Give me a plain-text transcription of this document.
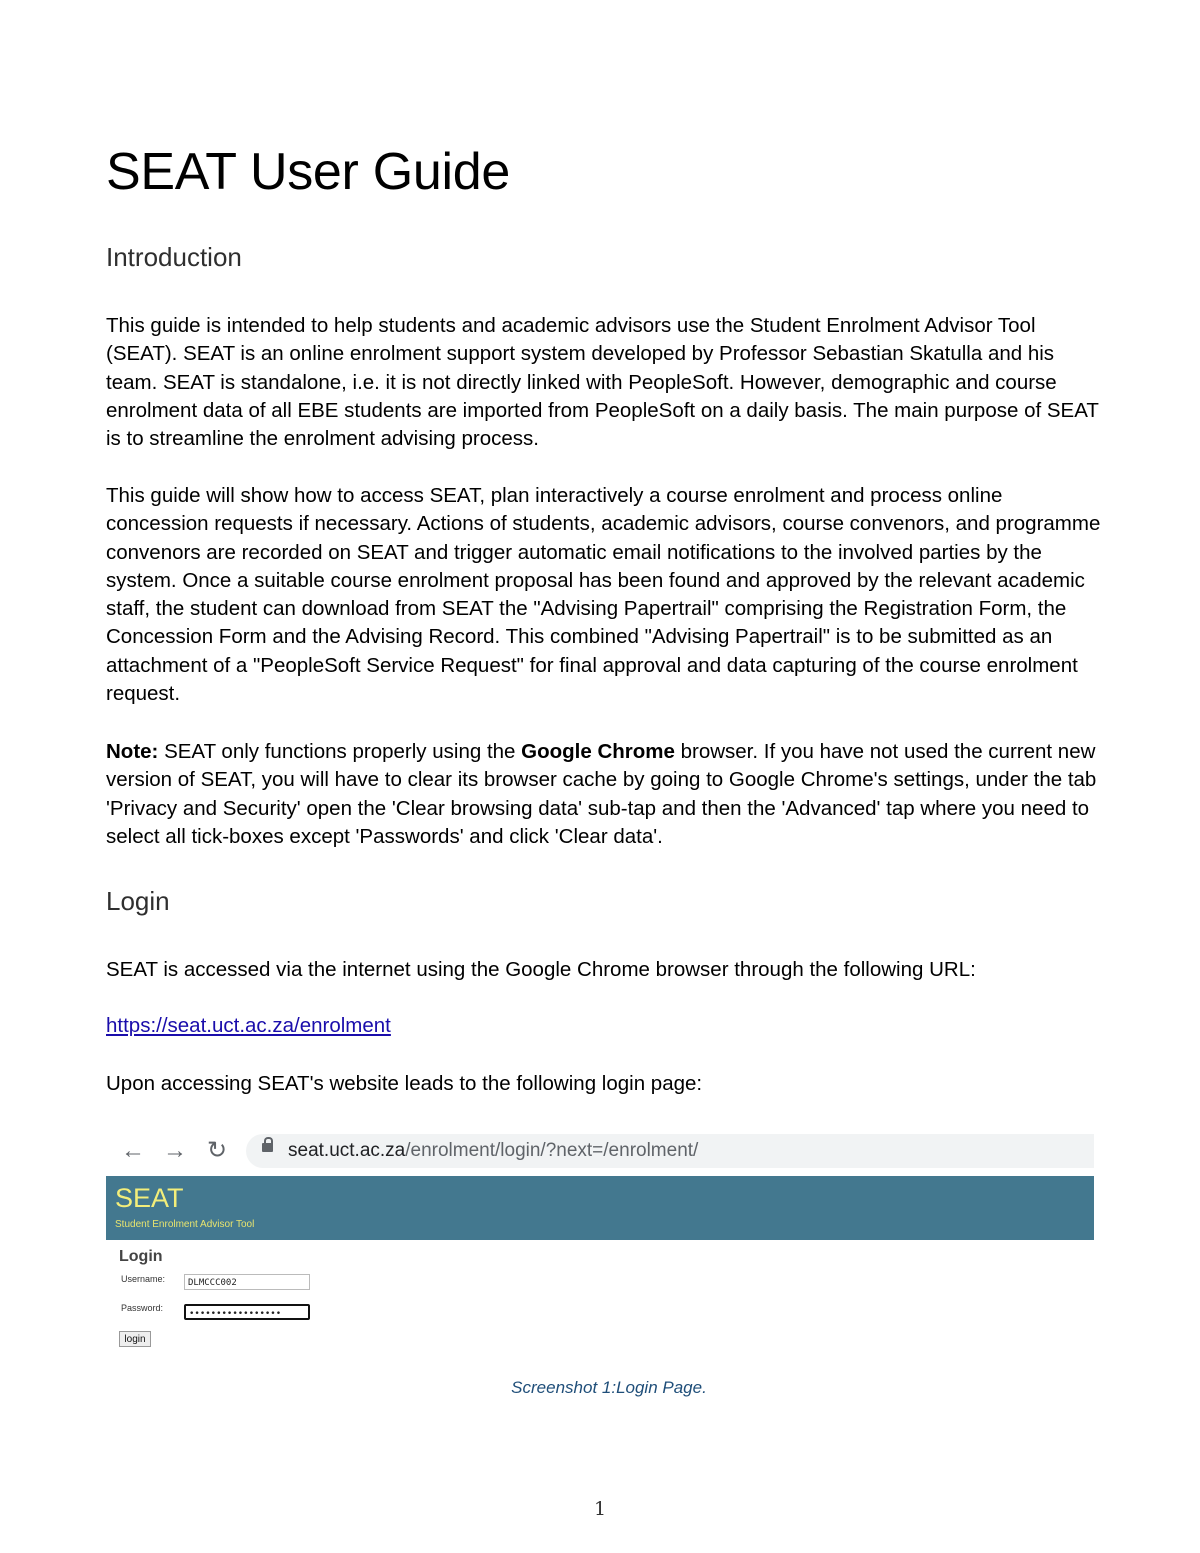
SEAT User Guide
Introduction

This guide is intended to help students and academic advisors use the Student Enrolment Advisor Tool (SEAT). SEAT is an online enrolment support system developed by Professor Sebastian Skatulla and his team. SEAT is standalone, i.e. it is not directly linked with PeopleSoft. However, demographic and course enrolment data of all EBE students are imported from PeopleSoft on a daily basis. The main purpose of SEAT is to streamline the enrolment advising process.

This guide will show how to access SEAT, plan interactively a course enrolment and process online concession requests if necessary. Actions of students, academic advisors, course convenors, and programme convenors are recorded on SEAT and trigger automatic email notifications to the involved parties by the system. Once a suitable course enrolment proposal has been found and approved by the relevant academic staff, the student can download from SEAT the "Advising Papertrail" comprising the Registration Form, the Concession Form and the Advising Record. This combined "Advising Papertrail" is to be submitted as an attachment of a "PeopleSoft Service Request" for final approval and data capturing of the course enrolment request.

Note: SEAT only functions properly using the Google Chrome browser. If you have not used the current new version of SEAT, you will have to clear its browser cache by going to Google Chrome's settings, under the tab 'Privacy and Security' open the 'Clear browsing data' sub-tap and then the 'Advanced' tap where you need to select all tick-boxes except 'Passwords' and click 'Clear data'.

Login

SEAT is accessed via the internet using the Google Chrome browser through the following URL:

https://seat.uct.ac.za/enrolment

Upon accessing SEAT's website leads to the following login page:

← → ↻	seat.uct.ac.za/enrolment/login/?next=/enrolment/
SEAT
Student Enrolment Advisor Tool
Login
Username:	DLMCCC002
Password:
•••••••••••••••••
login
Screenshot 1:Login Page.
1
